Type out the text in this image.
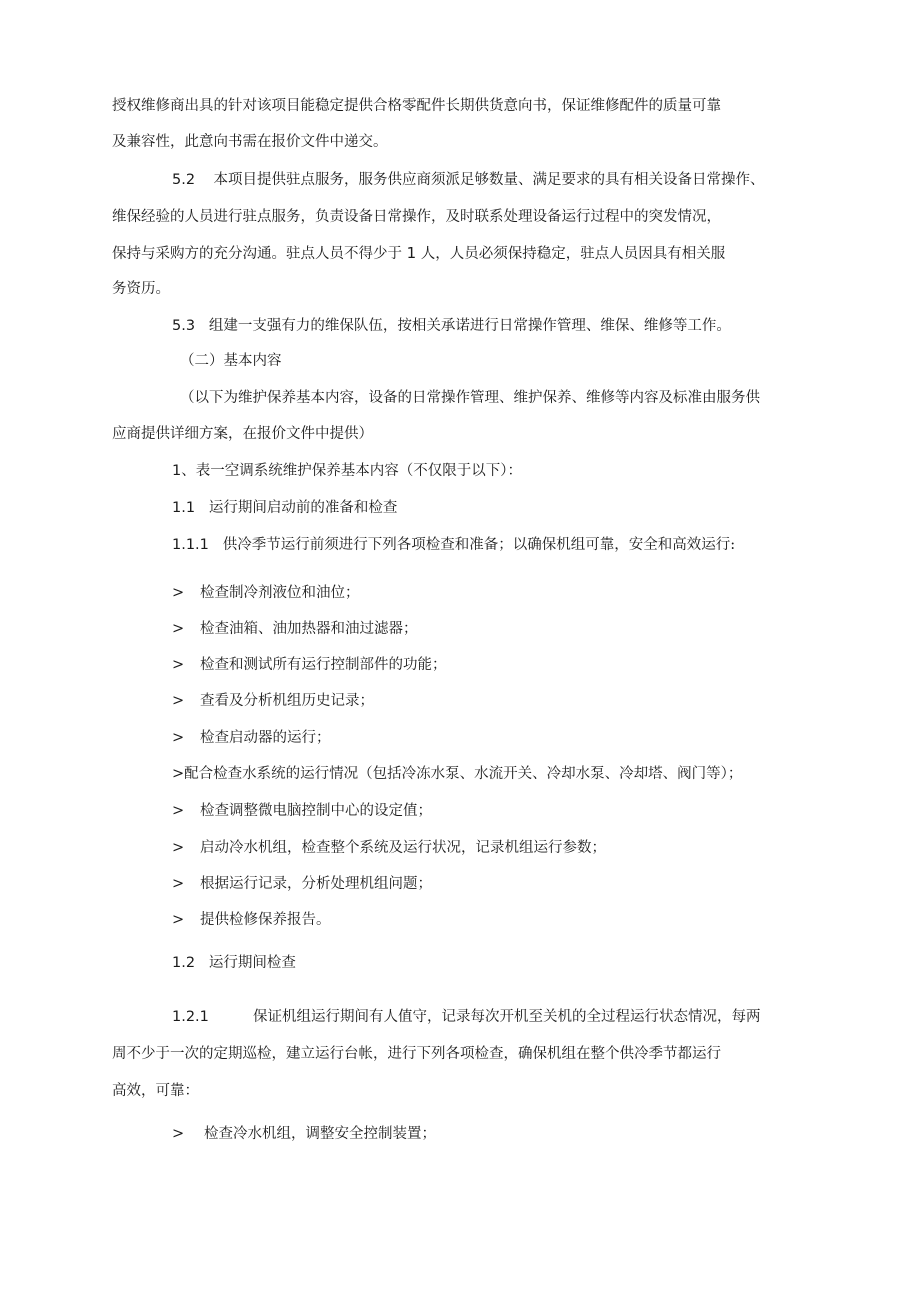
授权维修商出具的针对该项目能稳定提供合格零配件长期供货意向书，保证维修配件的质量可靠
及兼容性，此意向书需在报价文件中递交。
5.2 本项目提供驻点服务，服务供应商须派足够数量、满足要求的具有相关设备日常操作、
维保经验的人员进行驻点服务，负责设备日常操作，及时联系处理设备运行过程中的突发情况，
保持与采购方的充分沟通。驻点人员不得少于 1 人，人员必须保持稳定，驻点人员因具有相关服
务资历。
5.3 组建一支强有力的维保队伍，按相关承诺进行日常操作管理、维保、维修等工作。
（二）基本内容
（以下为维护保养基本内容，设备的日常操作管理、维护保养、维修等内容及标准由服务供
应商提供详细方案，在报价文件中提供）
1、表一空调系统维护保养基本内容（不仅限于以下）：
1.1 运行期间启动前的准备和检查
1.1.1 供冷季节运行前须进行下列各项检查和准备；以确保机组可靠，安全和高效运行:
> 检查制冷剂液位和油位；
> 检查油箱、油加热器和油过滤器；
> 检查和测试所有运行控制部件的功能；
> 查看及分析机组历史记录；
> 检查启动器的运行；
>配合检查水系统的运行情况（包括冷冻水泵、水流开关、冷却水泵、冷却塔、阀门等）；
> 检查调整微电脑控制中心的设定值；
> 启动冷水机组，检查整个系统及运行状况，记录机组运行参数；
> 根据运行记录，分析处理机组问题；
> 提供检修保养报告。
1.2 运行期间检查
1.2.1	保证机组运行期间有人值守，记录每次开机至关机的全过程运行状态情况，每两
周不少于一次的定期巡检，建立运行台帐，进行下列各项检查，确保机组在整个供冷季节都运行
高效，可靠：
> 检查冷水机组，调整安全控制装置；
